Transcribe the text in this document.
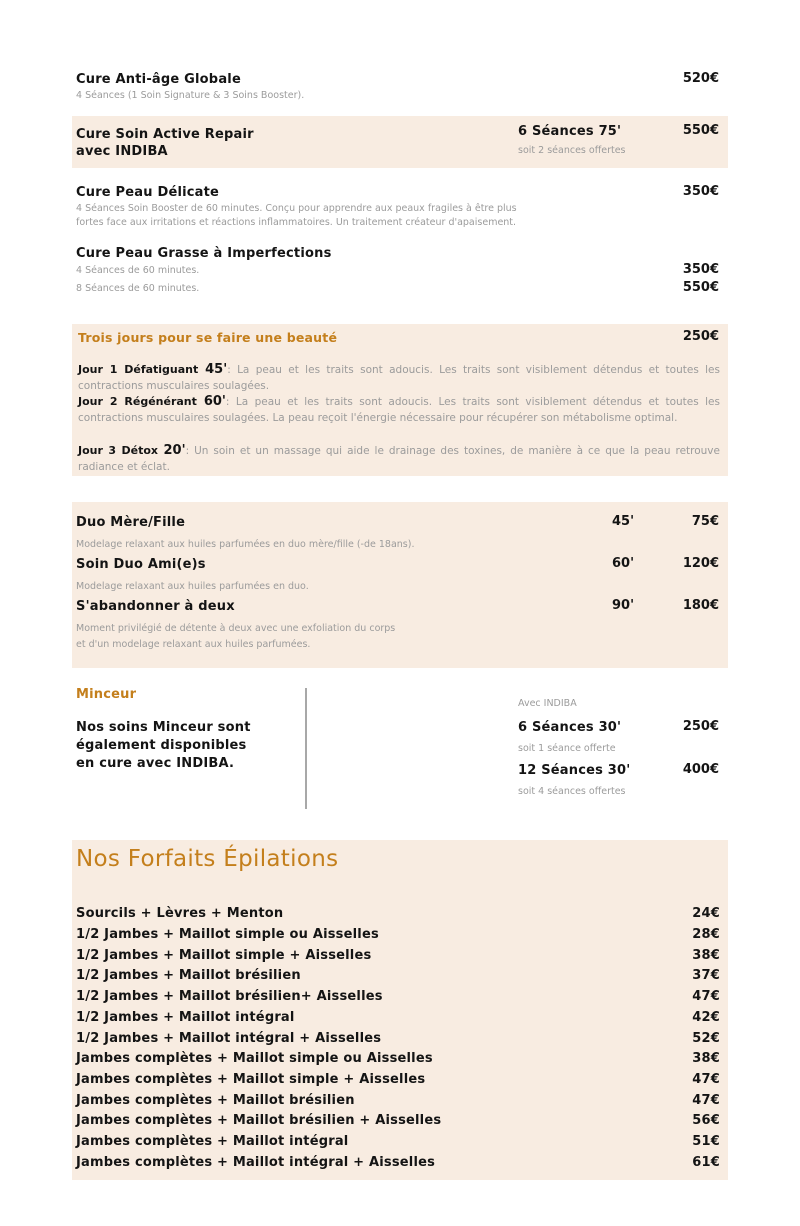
Cure Anti-âge Globale
4 Séances (1 Soin Signature & 3 Soins Booster).
520€
Cure Soin Active Repair
avec INDIBA
6 Séances 75'
soit 2 séances offertes
550€
Cure Peau Délicate
4 Séances Soin Booster de 60 minutes. Conçu pour apprendre aux peaux fragiles à être plus
fortes face aux irritations et réactions inflammatoires. Un traitement créateur d'apaisement.
350€
Cure Peau Grasse à Imperfections
4 Séances de 60 minutes.	350€
8 Séances de 60 minutes.	550€
Trois jours pour se faire une beauté	250€
Jour 1 Défatiguant 45': La peau et les traits sont adoucis. Les traits sont visiblement détendus et toutes les contractions musculaires soulagées.
Jour 2 Régénérant 60': La peau et les traits sont adoucis. Les traits sont visiblement détendus et toutes les contractions musculaires soulagées. La peau reçoit l'énergie nécessaire pour récupérer son métabolisme optimal.
Jour 3 Détox 20': Un soin et un massage qui aide le drainage des toxines, de manière à ce que la peau retrouve radiance et éclat.
Duo Mère/Fille	45'	75€
Modelage relaxant aux huiles parfumées en duo mère/fille (-de 18ans).
Soin Duo Ami(e)s	60'	120€
Modelage relaxant aux huiles parfumées en duo.
S'abandonner à deux	90'	180€
Moment privilégié de détente à deux avec une exfoliation du corps
et d'un modelage relaxant aux huiles parfumées.
Minceur
Nos soins Minceur sont
également disponibles
en cure avec INDIBA.
Avec INDIBA
6 Séances 30'	250€
soit 1 séance offerte
12 Séances 30'	400€
soit 4 séances offertes
Nos Forfaits Épilations
Sourcils + Lèvres + Menton	24€
1/2 Jambes + Maillot simple ou Aisselles	28€
1/2 Jambes + Maillot simple + Aisselles	38€
1/2 Jambes + Maillot brésilien	37€
1/2 Jambes + Maillot brésilien+ Aisselles	47€
1/2 Jambes + Maillot intégral	42€
1/2 Jambes + Maillot intégral + Aisselles	52€
Jambes complètes + Maillot simple ou Aisselles	38€
Jambes complètes + Maillot simple + Aisselles	47€
Jambes complètes + Maillot brésilien	47€
Jambes complètes + Maillot brésilien + Aisselles	56€
Jambes complètes + Maillot intégral	51€
Jambes complètes + Maillot intégral + Aisselles	61€
